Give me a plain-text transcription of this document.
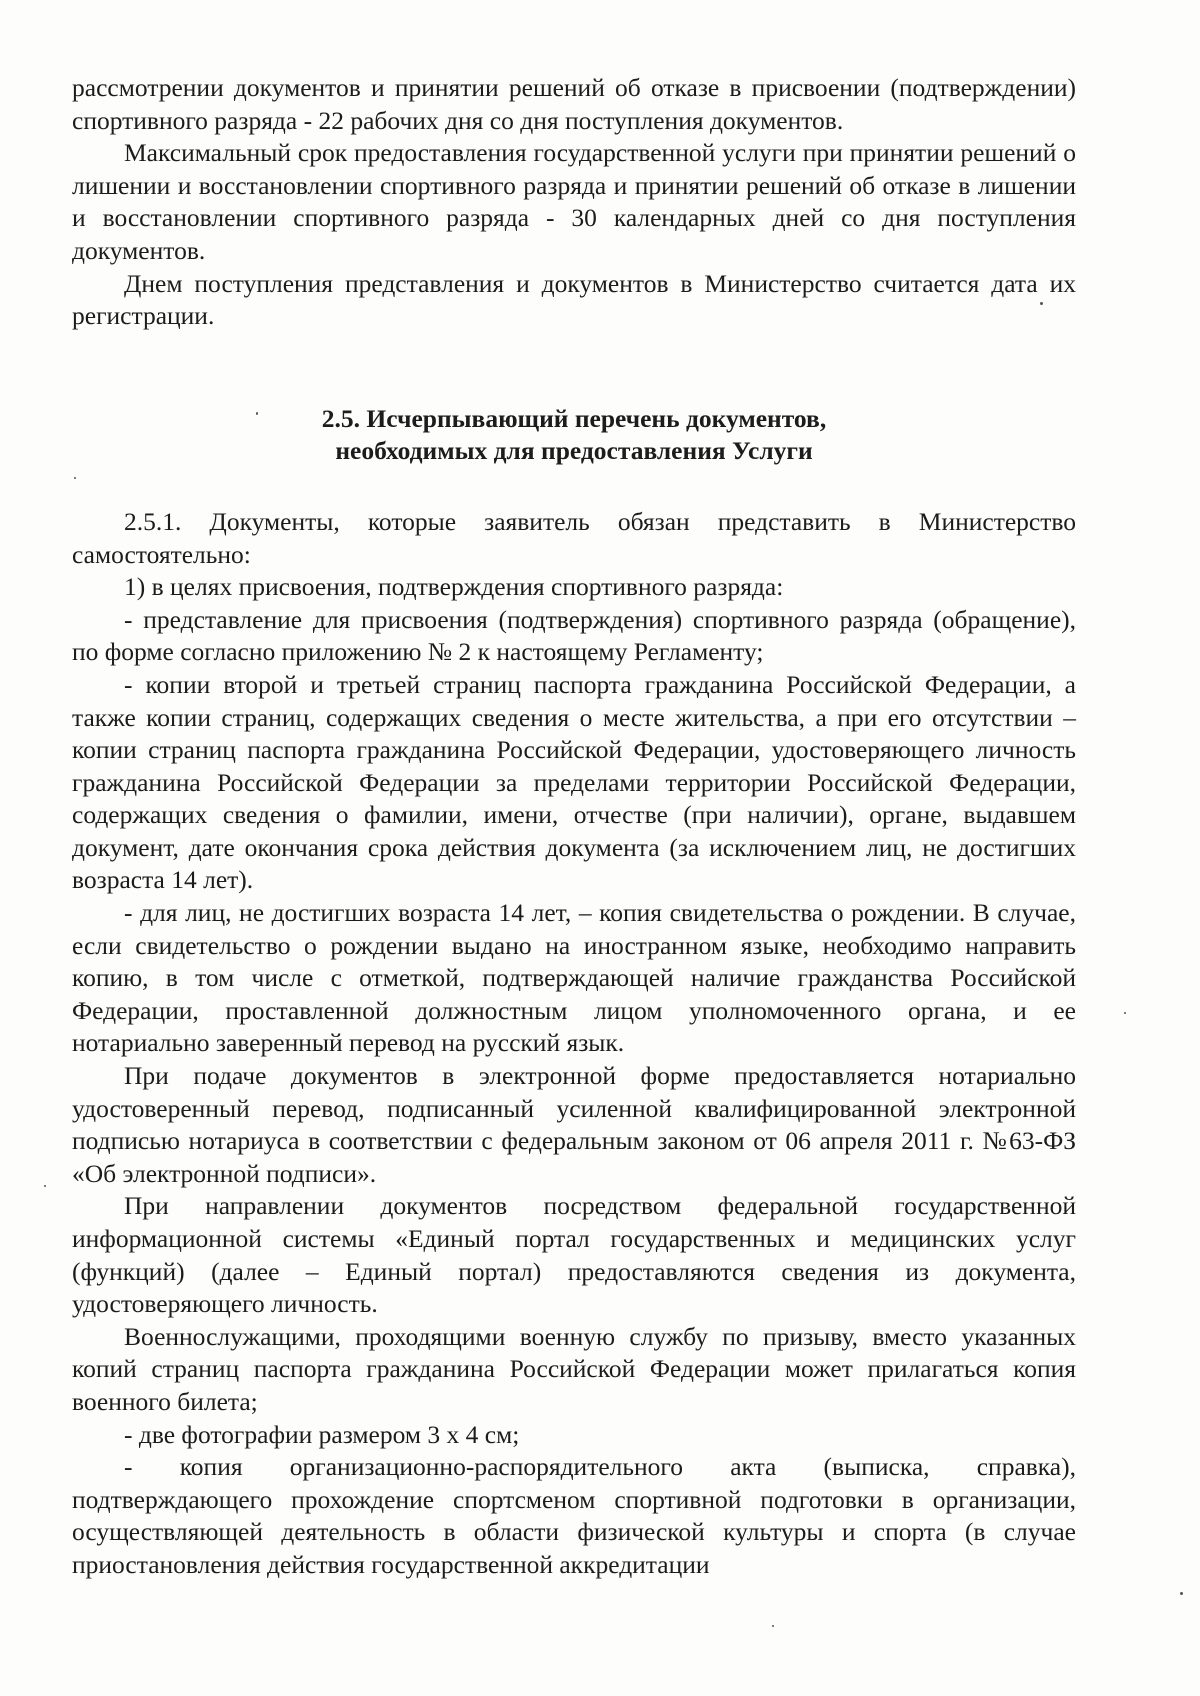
рассмотрении документов и принятии решений об отказе в присвоении (подтверждении) спортивного разряда - 22 рабочих дня со дня поступления документов.

Максимальный срок предоставления государственной услуги при принятии решений о лишении и восстановлении спортивного разряда и принятии решений об отказе в лишении и восстановлении спортивного разряда - 30 календарных дней со дня поступления документов.

Днем поступления представления и документов в Министерство считается дата их регистрации.

2.5. Исчерпывающий перечень документов,

необходимых для предоставления Услуги

2.5.1. Документы, которые заявитель обязан представить в Министерство самостоятельно:

1) в целях присвоения, подтверждения спортивного разряда:

- представление для присвоения (подтверждения) спортивного разряда (обращение), по форме согласно приложению № 2 к настоящему Регламенту;

- копии второй и третьей страниц паспорта гражданина Российской Федерации, а также копии страниц, содержащих сведения о месте жительства, а при его отсутствии –копии страниц паспорта гражданина Российской Федерации, удостоверяющего личность гражданина Российской Федерации за пределами территории Российской Федерации, содержащих сведения о фамилии, имени, отчестве (при наличии), органе, выдавшем документ, дате окончания срока действия документа (за исключением лиц, не достигших возраста 14 лет).

- для лиц, не достигших возраста 14 лет, – копия свидетельства о рождении. В случае, если свидетельство о рождении выдано на иностранном языке, необходимо направить копию, в том числе с отметкой, подтверждающей наличие гражданства Российской Федерации, проставленной должностным лицом уполномоченного органа, и ее нотариально заверенный перевод на русский язык.

При подаче документов в электронной форме предоставляется нотариально удостоверенный перевод, подписанный усиленной квалифицированной электронной подписью нотариуса в соответствии с федеральным законом от 06 апреля 2011 г. №63-ФЗ «Об электронной подписи».

При направлении документов посредством федеральной государственной информационной системы «Единый портал государственных и медицинских услуг (функций) (далее – Единый портал) предоставляются сведения из документа, удостоверяющего личность.

Военнослужащими, проходящими военную службу по призыву, вместо указанных копий страниц паспорта гражданина Российской Федерации может прилагаться копия военного билета;

- две фотографии размером 3 х 4 см;

- копия организационно-распорядительного акта (выписка, справка), подтверждающего прохождение спортсменом спортивной подготовки в организации, осуществляющей деятельность в области физической культуры и спорта (в случае приостановления действия государственной аккредитации
